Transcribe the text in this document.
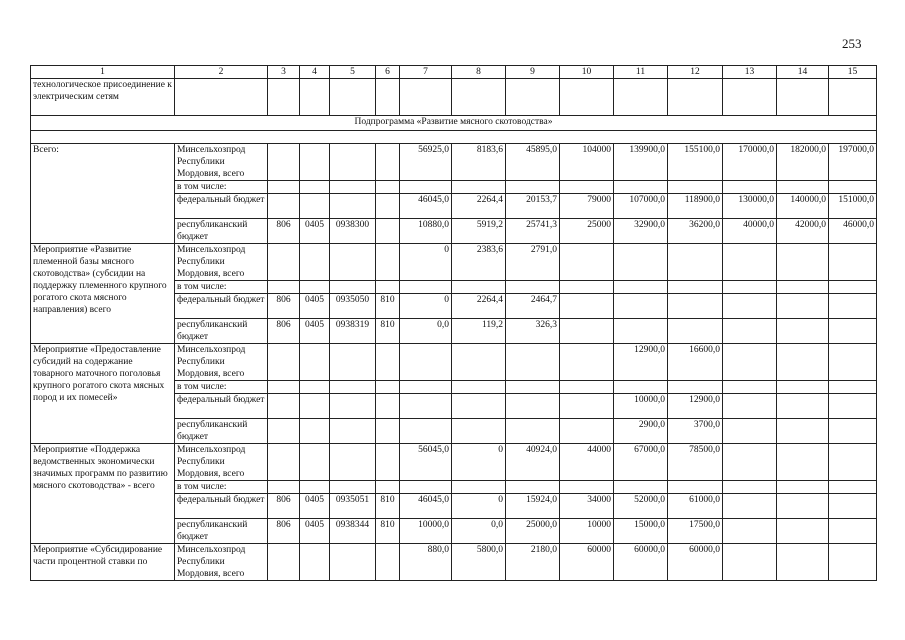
253
1	2	3	4	5	6	7	8	9	10	11	12	13	14	15
технологическое присоединение к электрическим сетям														
Подпрограмма «Развитие мясного скотоводства»														

Всего:	Минсельхозпрод Республики Мордовия, всего					56925,0	8183,6	45895,0	104000	139900,0	155100,0	170000,0	182000,0	197000,0
	в том числе:													
	федеральный бюджет					46045,0	2264,4	20153,7	79000	107000,0	118900,0	130000,0	140000,0	151000,0
	республиканский бюджет	806	0405	0938300		10880,0	5919,2	25741,3	25000	32900,0	36200,0	40000,0	42000,0	46000,0
Мероприятие «Развитие племенной базы мясного скотоводства» (субсидии на поддержку племенного крупного рогатого скота мясного направления) всего	Минсельхозпрод Республики Мордовия, всего					0	2383,6	2791,0						
	в том числе:													
	федеральный бюджет	806	0405	0935050	810	0	2264,4	2464,7						
	республиканский бюджет	806	0405	0938319	810	0,0	119,2	326,3						
Мероприятие «Предоставление субсидий на содержание товарного маточного поголовья крупного рогатого скота мясных пород и их помесей»	Минсельхозпрод Республики Мордовия, всего									12900,0	16600,0			
	в том числе:													
	федеральный бюджет									10000,0	12900,0			
	республиканский бюджет									2900,0	3700,0			
Мероприятие «Поддержка ведомственных экономически значимых программ по развитию мясного скотоводства» - всего	Минсельхозпрод Республики Мордовия, всего					56045,0	0	40924,0	44000	67000,0	78500,0			
	в том числе:													
	федеральный бюджет	806	0405	0935051	810	46045,0	0	15924,0	34000	52000,0	61000,0			
	республиканский бюджет	806	0405	0938344	810	10000,0	0,0	25000,0	10000	15000,0	17500,0			
Мероприятие «Субсидирование части процентной ставки по	Минсельхозпрод Республики Мордовия, всего					880,0	5800,0	2180,0	60000	60000,0	60000,0			
